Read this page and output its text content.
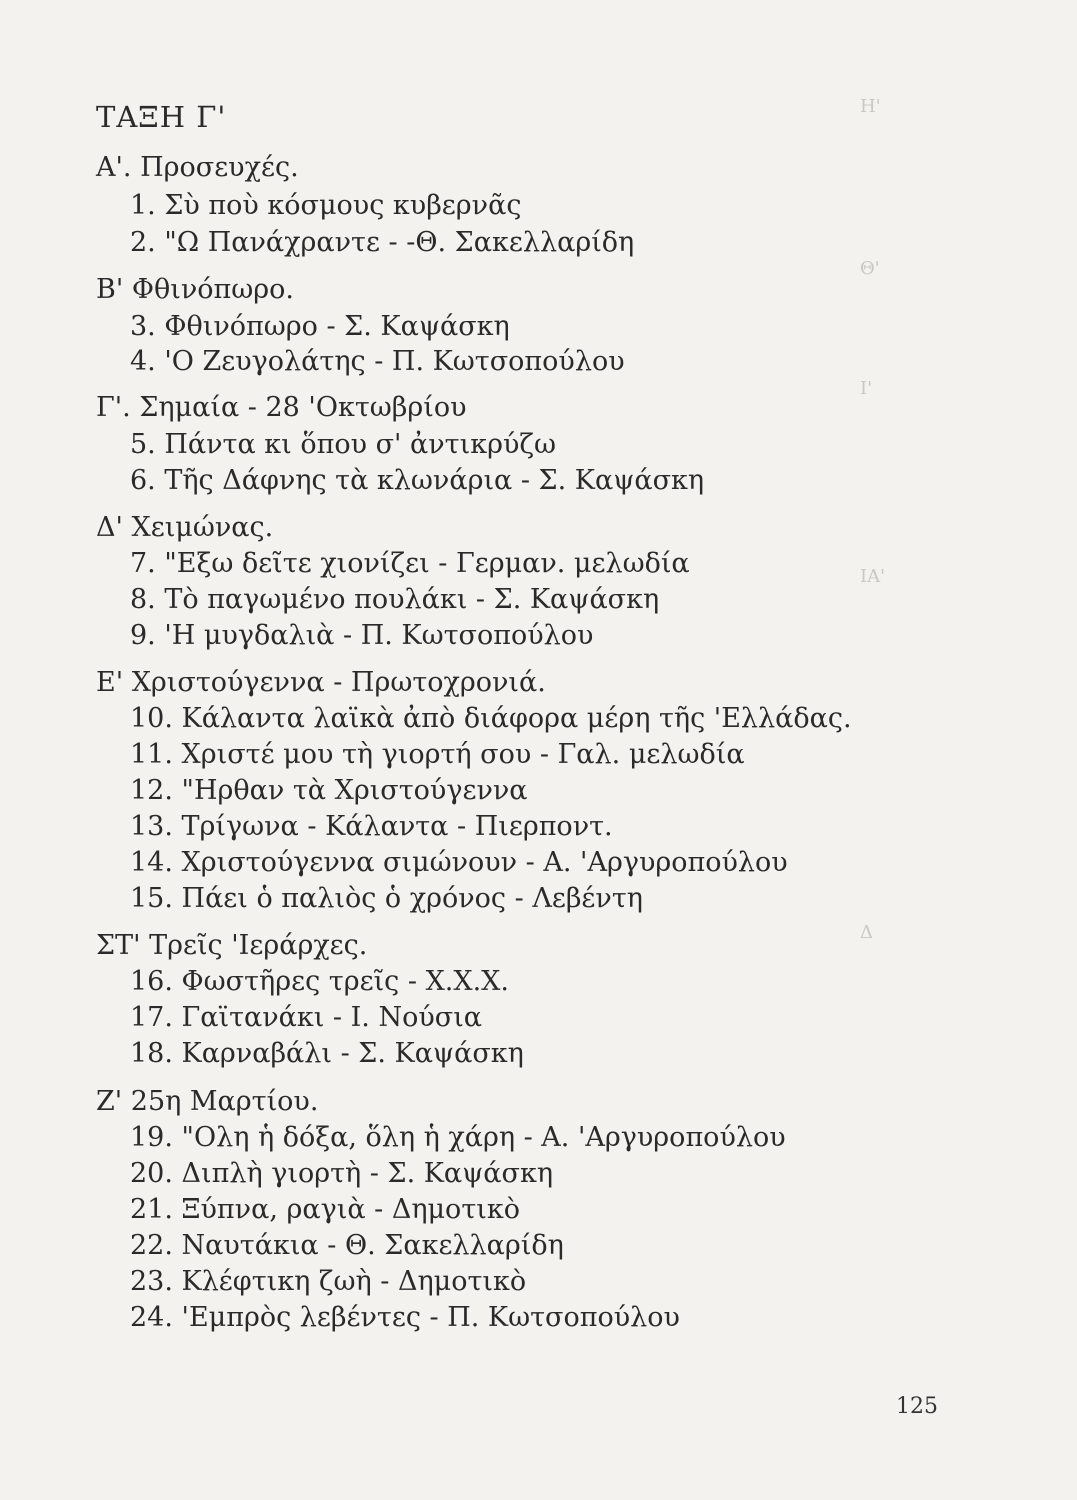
Η'
Θ'
Ι'
ΙΑ'
Δ
ΤΑΞΗ Γ'
Α'. Προσευχές.
1. Σὺ ποὺ κόσμους κυβερνᾶς
2. "Ω Πανάχραντε - -Θ. Σακελλαρίδη
Β' Φθινόπωρο.
3. Φθινόπωρο - Σ. Καψάσκη
4. 'Ο Ζευγολάτης - Π. Κωτσοπούλου
Γ'. Σημαία - 28 'Οκτωβρίου
5. Πάντα κι ὅπου σ' ἀντικρύζω
6. Τῆς Δάφνης τὰ κλωνάρια - Σ. Καψάσκη
Δ' Χειμώνας.
7. "Εξω δεῖτε χιονίζει - Γερμαν. μελωδία
8. Τὸ παγωμένο πουλάκι - Σ. Καψάσκη
9. 'Η μυγδαλιὰ - Π. Κωτσοπούλου
Ε' Χριστούγεννα - Πρωτοχρονιά.
10. Κάλαντα λαϊκὰ ἀπὸ διάφορα μέρη τῆς 'Ελλάδας.
11. Χριστέ μου τὴ γιορτή σου - Γαλ. μελωδία
12. "Ηρθαν τὰ Χριστούγεννα
13. Τρίγωνα - Κάλαντα - Πιερποντ.
14. Χριστούγεννα σιμώνουν - Α. 'Αργυροπούλου
15. Πάει ὁ παλιὸς ὁ χρόνος - Λεβέντη
ΣΤ' Τρεῖς 'Ιεράρχες.
16. Φωστῆρες τρεῖς - Χ.Χ.Χ.
17. Γαϊτανάκι - Ι. Νούσια
18. Καρναβάλι - Σ. Καψάσκη
Ζ' 25η Μαρτίου.
19. "Ολη ἡ δόξα, ὅλη ἡ χάρη - Α. 'Αργυροπούλου
20. Διπλὴ γιορτὴ - Σ. Καψάσκη
21. Ξύπνα, ραγιὰ - Δημοτικὸ
22. Ναυτάκια - Θ. Σακελλαρίδη
23. Κλέφτικη ζωὴ - Δημοτικὸ
24. 'Εμπρὸς λεβέντες - Π. Κωτσοπούλου
125
